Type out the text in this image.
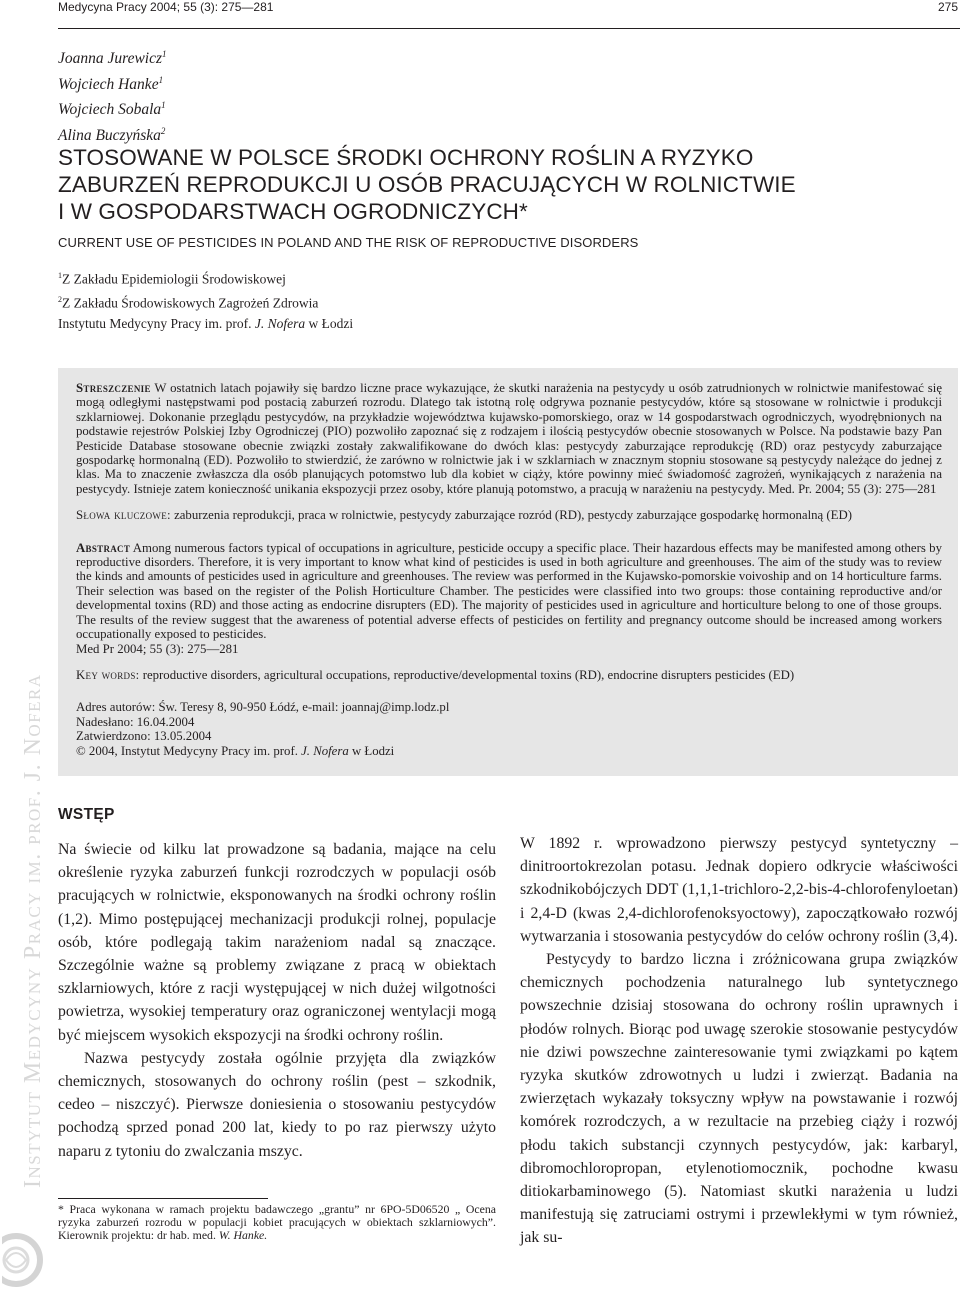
Medycyna Pracy 2004; 55 (3): 275—281	275
Joanna Jurewicz$^1$
Wojciech Hanke$^1$
Wojciech Sobala$^1$
Alina Buczyńska$^2$
STOSOWANE W POLSCE ŚRODKI OCHRONY ROŚLIN A RYZYKO
ZABURZEŃ REPRODUKCJI U OSÓB PRACUJĄCYCH W ROLNICTWIE
I W GOSPODARSTWACH OGRODNICZYCH*
CURRENT USE OF PESTICIDES IN POLAND AND THE RISK OF REPRODUCTIVE DISORDERS
$^1$Z Zakładu Epidemiologii Środowiskowej
$^2$Z Zakładu Środowiskowych Zagrożeń Zdrowia
Instytutu Medycyny Pracy im. prof. J. Nofera w Łodzi

Streszczenie W ostatnich latach pojawiły się bardzo liczne prace wykazujące, że skutki narażenia na pestycydy u osób zatrudnionych w rolnictwie manifestować się mogą odległymi następstwami pod postacią zaburzeń rozrodu. Dlatego tak istotną rolę odgrywa poznanie pestycydów, które są stosowane w rolnictwie i produkcji szklarniowej. Dokonanie przeglądu pestycydów, na przykładzie województwa kujawsko-pomorskiego, oraz w 14 gospodarstwach ogrodniczych, wyodrębnionych na podstawie rejestrów Polskiej Izby Ogrodniczej (PIO) pozwoliło zapoznać się z rodzajem i ilością pestycydów obecnie stosowanych w Polsce. Na podstawie bazy Pan Pesticide Database stosowane obecnie związki zostały zakwalifikowane do dwóch klas: pestycydy zaburzające reprodukcję (RD) oraz pestycydy zaburzające gospodarkę hormonalną (ED). Pozwoliło to stwierdzić, że zarówno w rolnictwie jak i w szklarniach w znacznym stopniu stosowane są pestycydy należące do jednej z klas. Ma to znaczenie zwłaszcza dla osób planujących potomstwo lub dla kobiet w ciąży, które powinny mieć świadomość zagrożeń, wynikających z narażenia na pestycydy. Istnieje zatem konieczność unikania ekspozycji przez osoby, które planują potomstwo, a pracują w narażeniu na pestycydy. Med. Pr. 2004; 55 (3): 275—281

Słowa kluczowe: zaburzenia reprodukcji, praca w rolnictwie, pestycydy zaburzające rozród (RD), pestycdy zaburzające gospodarkę hormonalną (ED)

Abstract Among numerous factors typical of occupations in agriculture, pesticide occupy a specific place. Their hazardous effects may be manifested among others by reproductive disorders. Therefore, it is very important to know what kind of pesticides is used in both agriculture and greenhouses. The aim of the study was to review the kinds and amounts of pesticides used in agriculture and greenhouses. The review was performed in the Kujawsko-pomorskie voivoship and on 14 horticulture farms. Their selection was based on the register of the Polish Horticulture Chamber. The pesticides were classified into two groups: those containing reproductive and/or developmental toxins (RD) and those acting as endocrine disrupters (ED). The majority of pesticides used in agriculture and horticulture belong to one of those groups. The results of the review suggest that the awareness of potential adverse effects of pesticides on fertility and pregnancy outcome should be increased among workers occupationally exposed to pesticides.
Med Pr 2004; 55 (3): 275—281

Key words: reproductive disorders, agricultural occupations, reproductive/developmental toxins (RD), endocrine disrupters pesticides (ED)

Adres autorów: Św. Teresy 8, 90-950 Łódź, e-mail: joannaj@imp.lodz.pl
Nadesłano: 16.04.2004
Zatwierdzono: 13.05.2004
© 2004, Instytut Medycyny Pracy im. prof. J. Nofera w Łodzi

Instytut Medycyny Pracy im. prof. J. Nofera WSTĘP

Na świecie od kilku lat prowadzone są badania, mające na celu określenie ryzyka zaburzeń funkcji rozrodczych w populacji osób pracujących w rolnictwie, eksponowanych na środki ochrony roślin (1,2). Mimo postępującej mechanizacji produkcji rolnej, populacje osób, które podlegają takim narażeniom nadal są znaczące. Szczególnie ważne są problemy związane z pracą w obiektach szklarniowych, które z racji występującej w nich dużej wilgotności powietrza, wysokiej temperatury oraz ograniczonej wentylacji mogą być miejscem wysokich ekspozycji na środki ochrony roślin.

Nazwa pestycydy została ogólnie przyjęta dla związków chemicznych, stosowanych do ochrony roślin (pest – szkodnik, cedeo – niszczyć). Pierwsze doniesienia o stosowaniu pestycydów pochodzą sprzed ponad 200 lat, kiedy to po raz pierwszy użyto naparu z tytoniu do zwalczania mszyc.

W 1892 r. wprowadzono pierwszy pestycyd syntetyczny – dinitroortokrezolan potasu. Jednak dopiero odkrycie właściwości szkodnikobójczych DDT (1,1,1-trichloro-2,2-bis-4-chlorofenyloetan) i 2,4-D (kwas 2,4-dichlorofenoksyoctowy), zapoczątkowało rozwój wytwarzania i stosowania pestycydów do celów ochrony roślin (3,4).

Pestycydy to bardzo liczna i zróżnicowana grupa związków chemicznych pochodzenia naturalnego lub syntetycznego powszechnie dzisiaj stosowana do ochrony roślin uprawnych i płodów rolnych. Biorąc pod uwagę szerokie stosowanie pestycydów nie dziwi powszechne zainteresowanie tymi związkami po kątem ryzyka skutków zdrowotnych u ludzi i zwierząt. Badania na zwierzętach wykazały toksyczny wpływ na powstawanie i rozwój komórek rozrodczych, a w rezultacie na przebieg ciąży i rozwój płodu takich substancji czynnych pestycydów, jak: karbaryl, dibromochloropropan, etylenotiomocznik, pochodne kwasu ditiokarbaminowego (5). Natomiast skutki narażenia u ludzi manifestują się zatruciami ostrymi i przewlekłymi w tym również, jak su-

* Praca wykonana w ramach projektu badawczego „grantu” nr 6PO-5D06520 „ Ocena ryzyka zaburzeń rozrodu w populacji kobiet pracujących w obiektach szklarniowych”. Kierownik projektu: dr hab. med. W. Hanke.
